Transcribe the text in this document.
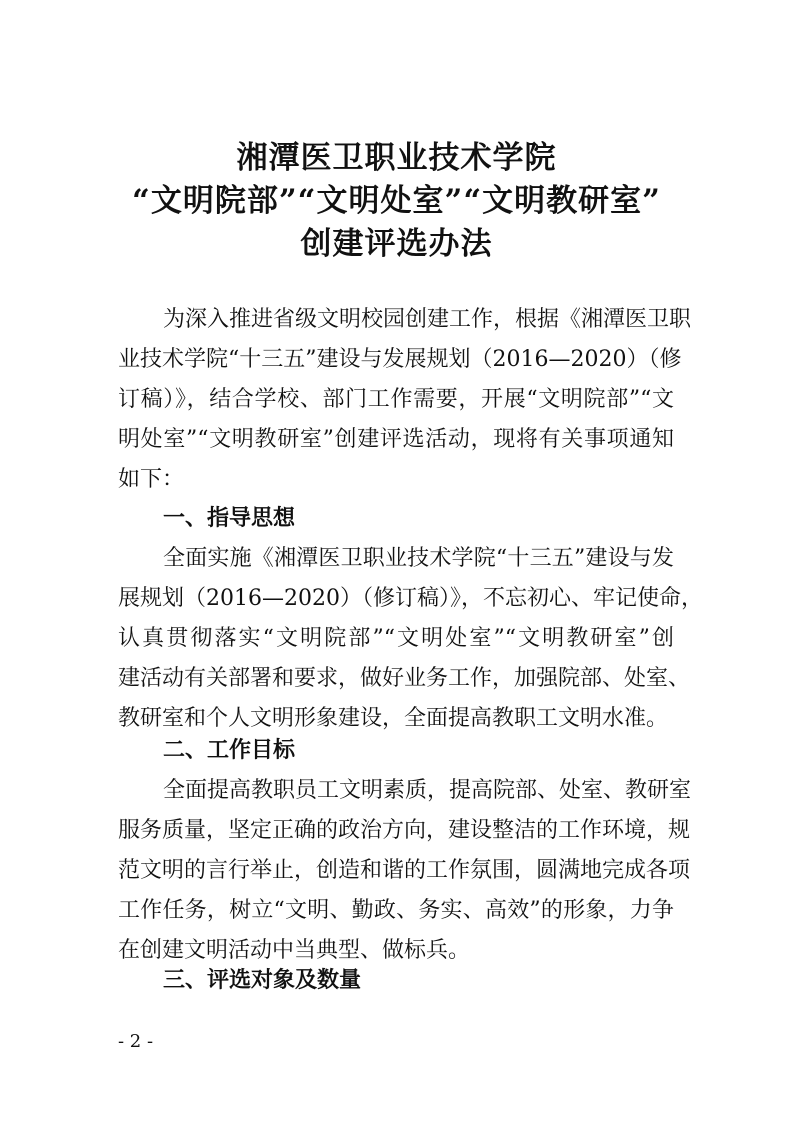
湘潭医卫职业技术学院
“文明院部”“文明处室”“文明教研室”
创建评选办法
为深入推进省级文明校园创建工作，根据《湘潭医卫职
业技术学院“十三五”建设与发展规划（2016—2020）（修
订稿）》，结合学校、部门工作需要，开展“文明院部”“文
明处室”“文明教研室”创建评选活动，现将有关事项通知
如下：
一、指导思想
全面实施《湘潭医卫职业技术学院“十三五”建设与发
展规划（2016—2020）（修订稿）》，不忘初心、牢记使命，
认真贯彻落实“文明院部”“文明处室”“文明教研室”创
建活动有关部署和要求，做好业务工作，加强院部、处室、
教研室和个人文明形象建设，全面提高教职工文明水准。
二、工作目标
全面提高教职员工文明素质，提高院部、处室、教研室
服务质量，坚定正确的政治方向，建设整洁的工作环境，规
范文明的言行举止，创造和谐的工作氛围，圆满地完成各项
工作任务，树立“文明、勤政、务实、高效”的形象，力争
在创建文明活动中当典型、做标兵。
三、评选对象及数量
- 2 -
